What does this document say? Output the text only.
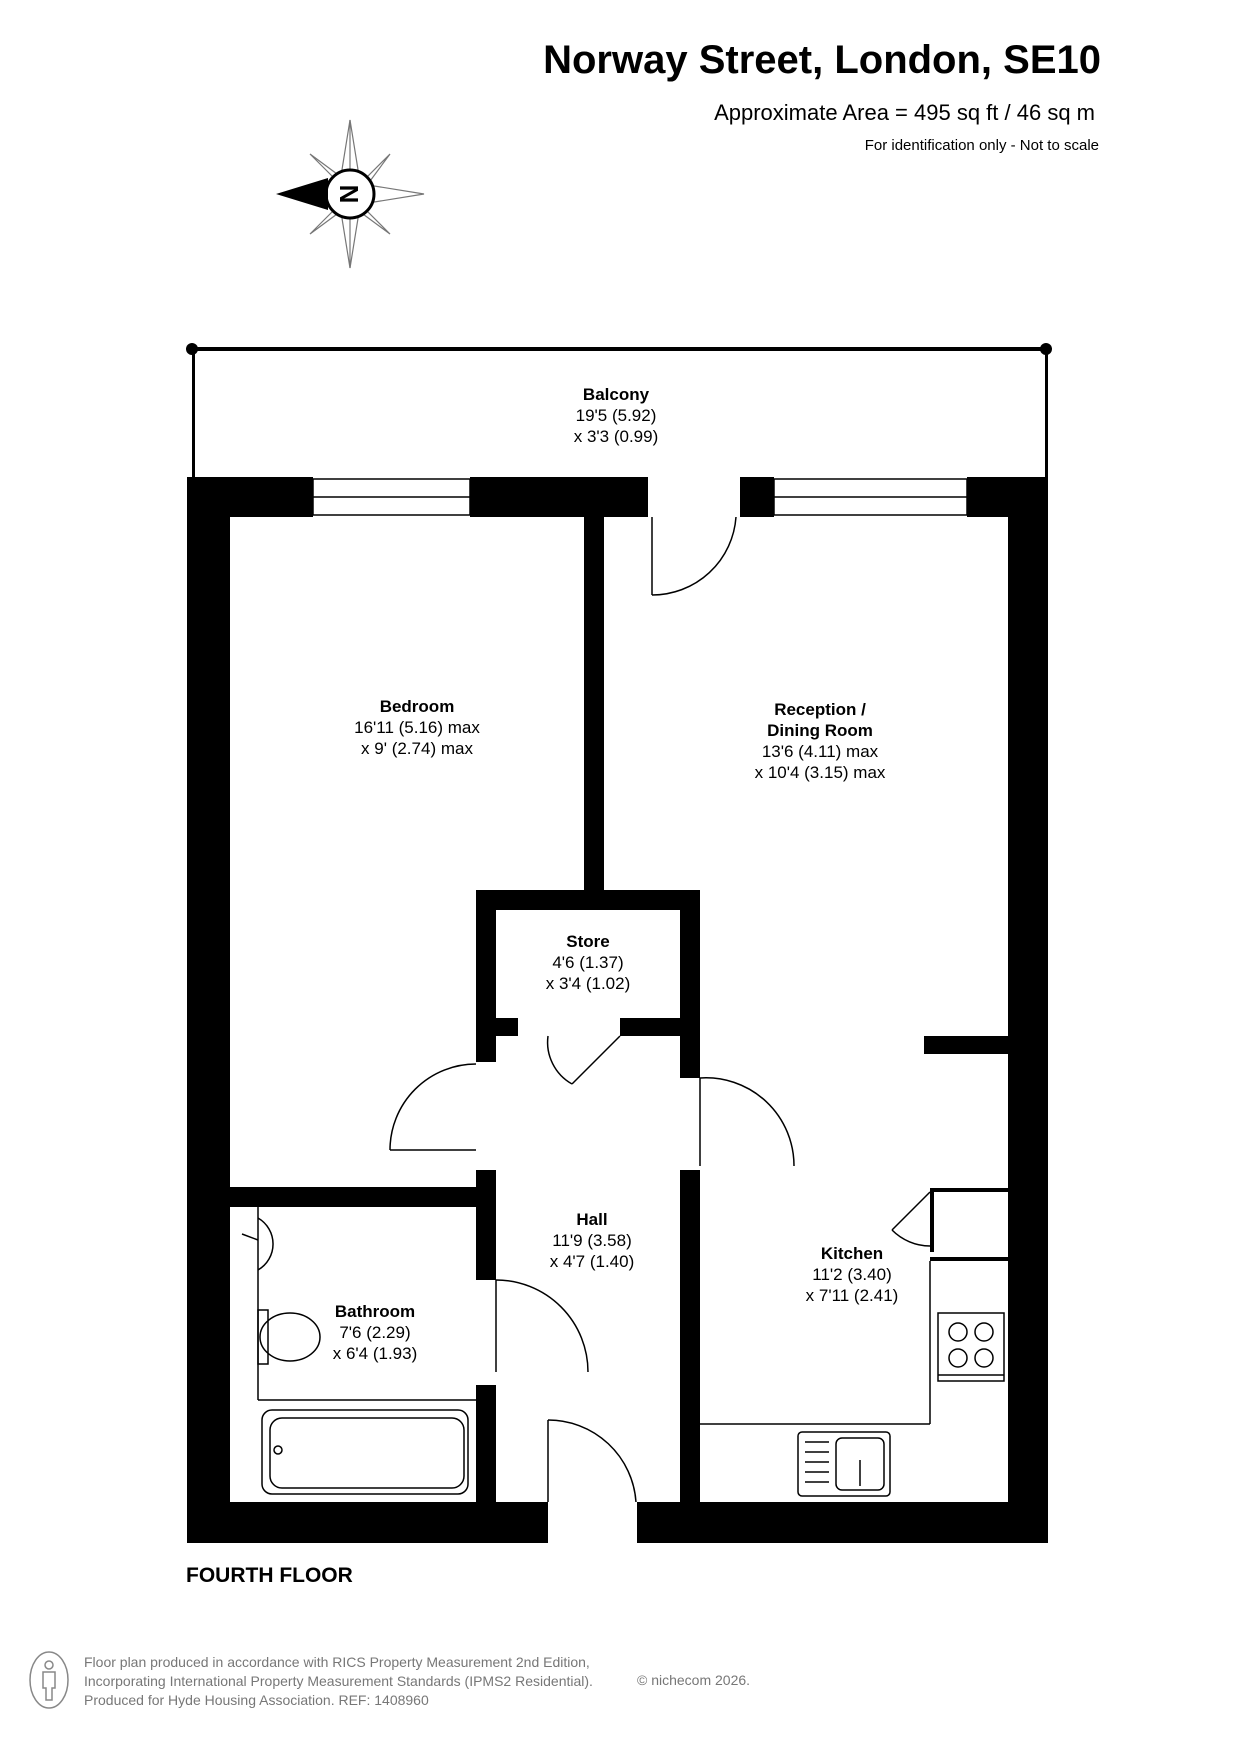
Norway Street, London, SE10
Approximate Area = 495 sq ft / 46 sq m
For identification only - Not to scale
N
Balcony
19'5 (5.92)
x 3'3 (0.99)
Bedroom
16'11 (5.16) max
x 9' (2.74) max
Reception /
Dining Room
13'6 (4.11) max
x 10'4 (3.15) max
Store
4'6 (1.37)
x 3'4 (1.02)
Hall
11'9 (3.58)
x 4'7 (1.40)	Kitchen
11'2 (3.40)
x 7'11 (2.41)
Bathroom
7'6 (2.29)
x 6'4 (1.93)
FOURTH FLOOR
Floor plan produced in accordance with RICS Property Measurement 2nd Edition,
Incorporating International Property Measurement Standards (IPMS2 Residential).
Produced for Hyde Housing Association. REF: 1408960
© nichecom 2026.
